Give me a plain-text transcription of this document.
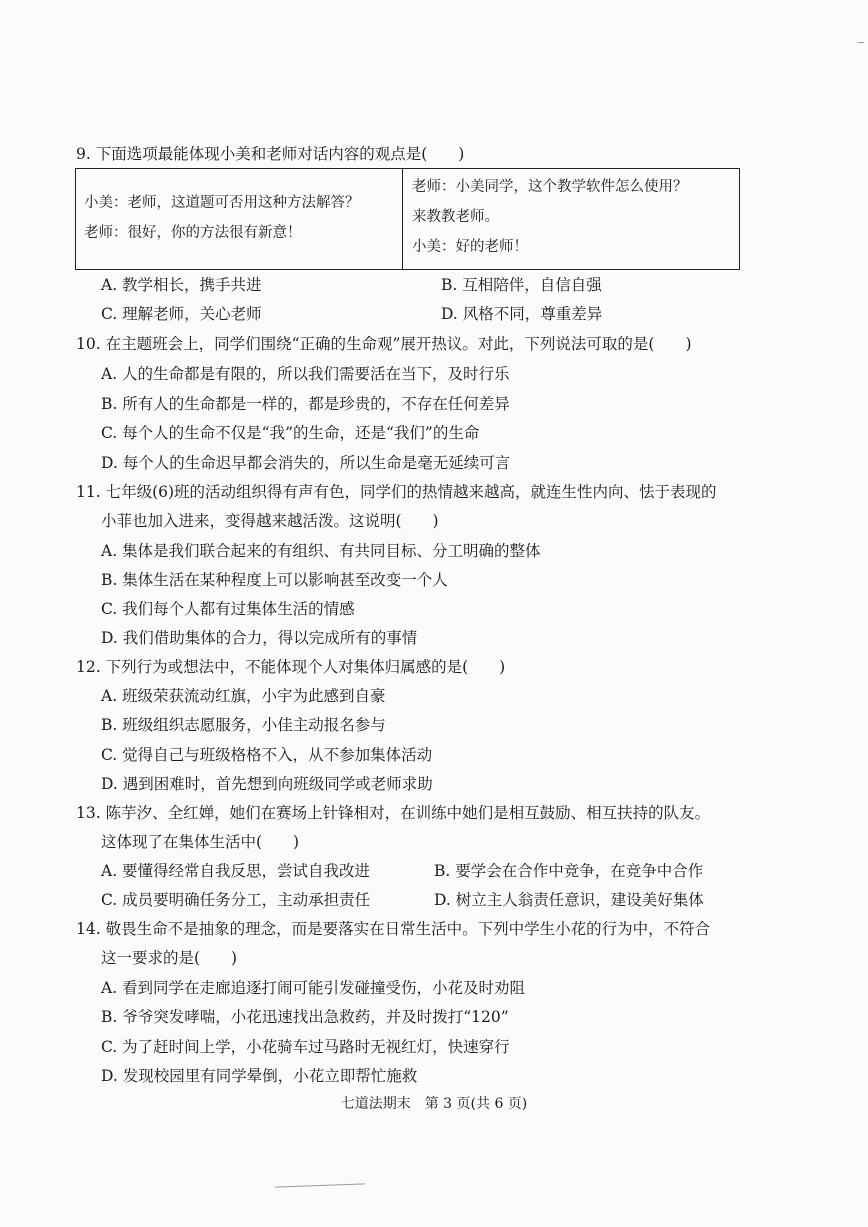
9. 下面选项最能体现小美和老师对话内容的观点是(　　)
小美：老师，这道题可否用这种方法解答？
老师：很好，你的方法很有新意！
老师：小美同学，这个教学软件怎么使用？
来教教老师。
小美：好的老师！
A. 教学相长，携手共进	B. 互相陪伴，自信自强
C. 理解老师，关心老师	D. 风格不同，尊重差异
10. 在主题班会上，同学们围绕“正确的生命观”展开热议。对此，下列说法可取的是(　　)
A. 人的生命都是有限的，所以我们需要活在当下，及时行乐
B. 所有人的生命都是一样的，都是珍贵的，不存在任何差异
C. 每个人的生命不仅是“我”的生命，还是“我们”的生命
D. 每个人的生命迟早都会消失的，所以生命是毫无延续可言
11. 七年级(6)班的活动组织得有声有色，同学们的热情越来越高，就连生性内向、怯于表现的
小菲也加入进来，变得越来越活泼。这说明(　　)
A. 集体是我们联合起来的有组织、有共同目标、分工明确的整体
B. 集体生活在某种程度上可以影响甚至改变一个人
C. 我们每个人都有过集体生活的情感
D. 我们借助集体的合力，得以完成所有的事情
12. 下列行为或想法中，不能体现个人对集体归属感的是(　　)
A. 班级荣获流动红旗，小宇为此感到自豪
B. 班级组织志愿服务，小佳主动报名参与
C. 觉得自己与班级格格不入，从不参加集体活动
D. 遇到困难时，首先想到向班级同学或老师求助
13. 陈芋汐、全红婵，她们在赛场上针锋相对，在训练中她们是相互鼓励、相互扶持的队友。
这体现了在集体生活中(　　)
A. 要懂得经常自我反思，尝试自我改进	B. 要学会在合作中竞争，在竞争中合作
C. 成员要明确任务分工，主动承担责任	D. 树立主人翁责任意识，建设美好集体
14. 敬畏生命不是抽象的理念，而是要落实在日常生活中。下列中学生小花的行为中，不符合
这一要求的是(　　)
A. 看到同学在走廊追逐打闹可能引发碰撞受伤，小花及时劝阻
B. 爷爷突发哮喘，小花迅速找出急救药，并及时拨打“120”
C. 为了赶时间上学，小花骑车过马路时无视红灯，快速穿行
D. 发现校园里有同学晕倒，小花立即帮忙施救
七道法期末　第 3 页(共 6 页)
